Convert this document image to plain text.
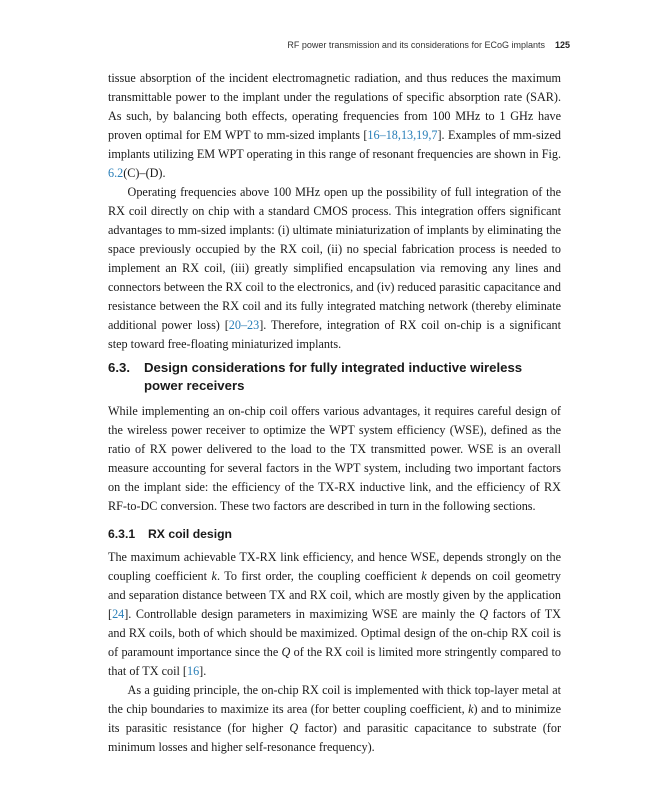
RF power transmission and its considerations for ECoG implants 125

tissue absorption of the incident electromagnetic radiation, and thus reduces the maximum transmittable power to the implant under the regulations of specific absorption rate (SAR). As such, by balancing both effects, operating frequencies from 100 MHz to 1 GHz have proven optimal for EM WPT to mm-sized implants [16–18,13,19,7]. Examples of mm-sized implants utilizing EM WPT operating in this range of resonant frequencies are shown in Fig. 6.2(C)–(D).

Operating frequencies above 100 MHz open up the possibility of full integration of the RX coil directly on chip with a standard CMOS process. This integration offers significant advantages to mm-sized implants: (i) ultimate miniaturization of implants by eliminating the space previously occupied by the RX coil, (ii) no special fabrication process is needed to implement an RX coil, (iii) greatly simplified encapsulation via removing any lines and connectors between the RX coil to the electronics, and (iv) reduced parasitic capacitance and resistance between the RX coil and its fully integrated matching network (thereby eliminate additional power loss) [20–23]. Therefore, integration of RX coil on-chip is a significant step toward free-floating miniaturized implants.

6.3. Design considerations for fully integrated inductive wireless
power receivers

While implementing an on-chip coil offers various advantages, it requires careful design of the wireless power receiver to optimize the WPT system efficiency (WSE), defined as the ratio of RX power delivered to the load to the TX transmitted power. WSE is an overall measure accounting for several factors in the WPT system, including two important factors on the implant side: the efficiency of the TX-RX inductive link, and the efficiency of RX RF-to-DC conversion. These two factors are described in turn in the following sections.

6.3.1 RX coil design

The maximum achievable TX-RX link efficiency, and hence WSE, depends strongly on the coupling coefficient k. To first order, the coupling coefficient k depends on coil geometry and separation distance between TX and RX coil, which are mostly given by the application [24]. Controllable design parameters in maximizing WSE are mainly the Q factors of TX and RX coils, both of which should be maximized. Optimal design of the on-chip RX coil is of paramount importance since the Q of the RX coil is limited more stringently compared to that of TX coil [16].

As a guiding principle, the on-chip RX coil is implemented with thick top-layer metal at the chip boundaries to maximize its area (for better coupling coefficient, k) and to minimize its parasitic resistance (for higher Q factor) and parasitic capacitance to substrate (for minimum losses and higher self-resonance frequency).
